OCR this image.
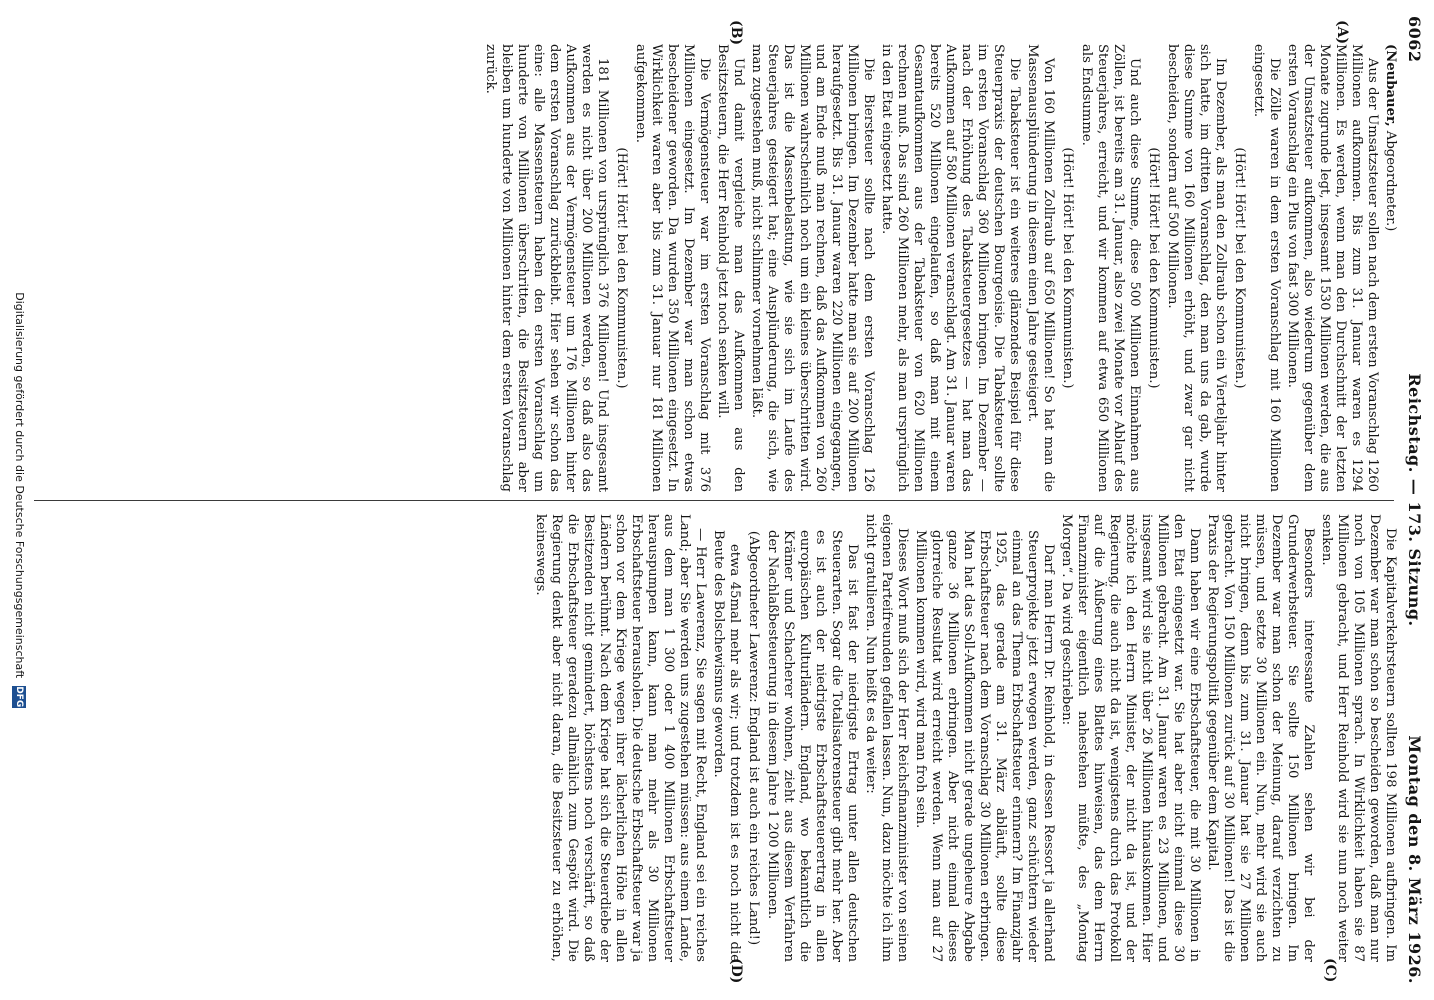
6062
Reichstag. — 173. Sitzung.
Montag den 8. März 1926.
(A)
(B)
(C)
(D)

(Neubauer, Abgeordneter.)

Aus der Umsatzsteuer sollen nach dem ersten Voranschlag 1260 Millionen aufkommen. Bis zum 31. Januar waren es 1294 Millionen. Es werden, wenn man den Durchschnitt der letzten Monate zugrunde legt, insgesamt 1530 Millionen werden, die aus der Umsatzsteuer aufkommen, also wiederum gegenüber dem ersten Voranschlag ein Plus von fast 300 Millionen.

Die Zölle waren in dem ersten Voranschlag mit 160 Millionen eingesetzt.

(Hört! Hört! bei den Kommunisten.)

Im Dezember, als man den Zollraub schon ein Vierteljahr hinter sich hatte, im dritten Voranschlag, den man uns da gab, wurde diese Summe von 160 Millionen erhöht, und zwar gar nicht bescheiden, sondern auf 500 Millionen.

(Hört! Hört! bei den Kommunisten.)

Und auch diese Summe, diese 500 Millionen Einnahmen aus Zöllen, ist bereits am 31. Januar, also zwei Monate vor Ablauf des Steuerjahres, erreicht, und wir kommen auf etwa 650 Millionen als Endsumme.

(Hört! Hört! bei den Kommunisten.)

Von 160 Millionen Zollraub auf 650 Millionen! So hat man die Massenausplünderung in diesem einen Jahre gesteigert.

Die Tabaksteuer ist ein weiteres glänzendes Beispiel für diese Steuerpraxis der deutschen Bourgeoisie. Die Tabaksteuer sollte im ersten Voranschlag 360 Millionen bringen. Im Dezember — nach der Erhöhung des Tabaksteuergesetzes — hat man das Aufkommen auf 580 Millionen veranschlagt. Am 31. Januar waren bereits 520 Millionen eingelaufen, so daß man mit einem Gesamtaufkommen aus der Tabaksteuer von 620 Millionen rechnen muß. Das sind 260 Millionen mehr, als man ursprünglich in den Etat eingesetzt hatte.

Die Biersteuer sollte nach dem ersten Voranschlag 126 Millionen bringen. Im Dezember hatte man sie auf 200 Millionen heraufgesetzt. Bis 31. Januar waren 220 Millionen eingegangen, und am Ende muß man rechnen, daß das Aufkommen von 260 Millionen wahrscheinlich noch um ein kleines überschritten wird. Das ist die Massenbelastung, wie sie sich im Laufe des Steuerjahres gesteigert hat; eine Ausplünderung, die sich, wie man zugestehen muß, nicht schlimmer vornehmen läßt.

Und damit vergleiche man das Aufkommen aus den Besitzsteuern, die Herr Reinhold jetzt noch senken will.

Die Vermögensteuer war im ersten Voranschlag mit 376 Millionen eingesetzt. Im Dezember war man schon etwas bescheidener geworden. Da wurden 350 Millionen eingesetzt. In Wirklichkeit waren aber bis zum 31. Januar nur 181 Millionen aufgekommen.

(Hört! Hört! bei den Kommunisten.)

181 Millionen von ursprünglich 376 Millionen! Und insgesamt werden es nicht über 200 Millionen werden, so daß also das Aufkommen aus der Vermögensteuer um 176 Millionen hinter dem ersten Voranschlag zurückbleibt. Hier sehen wir schon das eine: alle Massensteuern haben den ersten Voranschlag um hunderte von Millionen überschritten, die Besitzsteuern aber bleiben um hunderte von Millionen hinter dem ersten Voranschlag zurück.

Die Kapitalverkehrsteuern sollten 198 Millionen aufbringen. Im Dezember war man schon so bescheiden geworden, daß man nur noch von 105 Millionen sprach. In Wirklichkeit haben sie 87 Millionen gebracht, und Herr Reinhold wird sie nun noch weiter senken.

Besonders interessante Zahlen sehen wir bei der Grunderwerbsteuer. Sie sollte 150 Millionen bringen. Im Dezember war man schon der Meinung, darauf verzichten zu müssen, und setzte 30 Millionen ein. Nun, mehr wird sie auch nicht bringen, denn bis zum 31. Januar hat sie 27 Millionen gebracht. Von 150 Millionen zurück auf 30 Millionen! Das ist die Praxis der Regierungspolitik gegenüber dem Kapital.

Dann haben wir eine Erbschaftsteuer, die mit 30 Millionen in den Etat eingesetzt war. Sie hat aber nicht einmal diese 30 Millionen gebracht. Am 31. Januar waren es 23 Millionen, und insgesamt wird sie nicht über 26 Millionen hinauskommen. Hier möchte ich den Herrn Minister, der nicht da ist, und der Regierung, die auch nicht da ist, wenigstens durch das Protokoll auf die Äußerung eines Blattes hinweisen, das dem Herrn Finanzminister eigentlich nahestehen müßte, des „Montag Morgen“. Da wird geschrieben:

Darf man Herrn Dr. Reinhold, in dessen Ressort ja allerhand Steuerprojekte jetzt erwogen werden, ganz schüchtern wieder einmal an das Thema Erbschaftsteuer erinnern? Im Finanzjahr 1925, das gerade am 31. März abläuft, sollte diese Erbschaftsteuer nach dem Voranschlag 30 Millionen erbringen. Man hat das Soll-Aufkommen nicht gerade ungeheure Abgabe ganze 36 Millionen erbringen. Aber nicht einmal dieses glorreiche Resultat wird erreicht werden. Wenn man auf 27 Millionen kommen wird, wird man froh sein.

Dieses Wort muß sich der Herr Reichsfinanzminister von seinen eigenen Parteifreunden gefallen lassen. Nun, dazu möchte ich ihm nicht gratulieren. Nun heißt es da weiter:

Das ist fast der niedrigste Ertrag unter allen deutschen Steuerarten. Sogar die Totalisatorensteuer gibt mehr her. Aber es ist auch der niedrigste Erbschaftsteuerertrag in allen europäischen Kulturländern. England, wo bekanntlich die Krämer und Schacherer wohnen, zieht aus diesem Verfahren der Nachlaßbesteuerung in diesem Jahre 1 200 Millionen.

(Abgeordneter Lawerenz: England ist auch ein reiches Land!)

etwa 45mal mehr als wir; und trotzdem ist es noch nicht die Beute des Bolschewismus geworden.

— Herr Lawerenz, Sie sagen mit Recht, England sei ein reiches Land; aber Sie werden uns zugestehen müssen: aus einem Lande, aus dem man 1 300 oder 1 400 Millionen Erbschaftsteuer herauspumpen kann, kann man mehr als 30 Millionen Erbschaftsteuer herausholen. Die deutsche Erbschaftsteuer war ja schon vor dem Kriege wegen ihrer lächerlichen Höhe in allen Ländern berühmt. Nach dem Kriege hat sich die Steuerdiebe der Besitzenden nicht gemindert, höchstens noch verschärft, so daß die Erbschaftsteuer geradezu allmählich zum Gespött wird. Die Regierung denkt aber nicht daran, die Besitzsteuer zu erhöhen, keineswegs.

Digitalisierung gefördert durch die Deutsche Forschungsgemeinschaft DFG
